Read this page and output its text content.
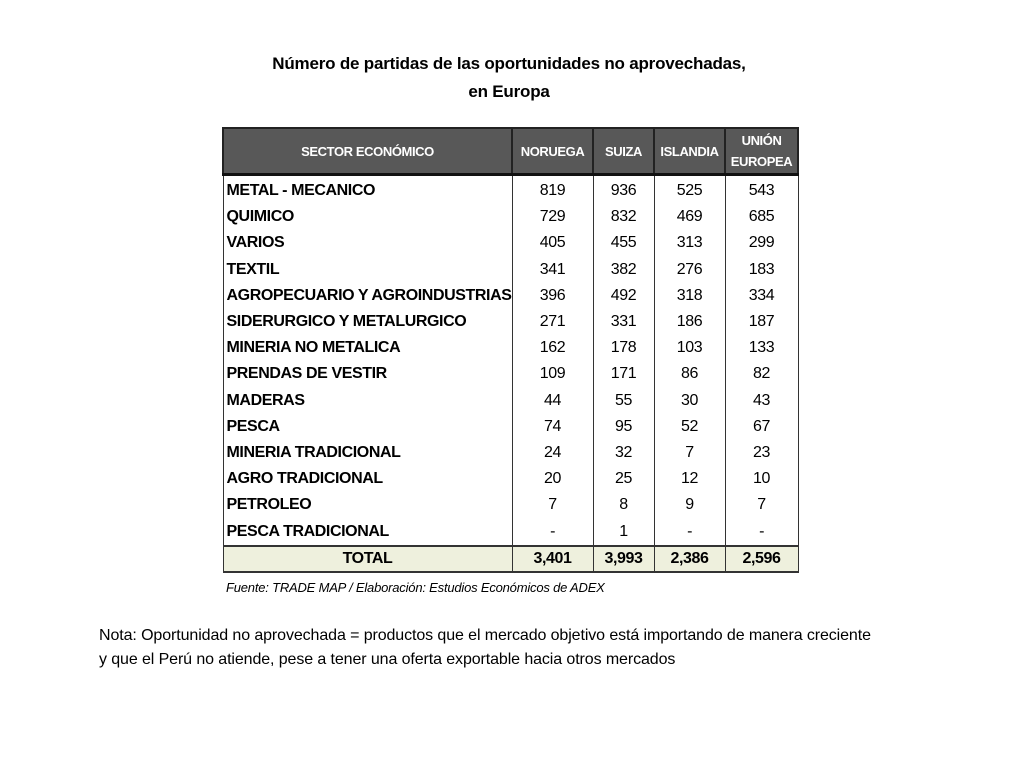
Número de partidas de las oportunidades no aprovechadas,
en Europa
SECTOR ECONÓMICO	NORUEGA	SUIZA	ISLANDIA	UNIÓN EUROPEA
METAL - MECANICO	819	936	525	543
QUIMICO	729	832	469	685
VARIOS	405	455	313	299
TEXTIL	341	382	276	183
AGROPECUARIO Y AGROINDUSTRIAS	396	492	318	334
SIDERURGICO Y METALURGICO	271	331	186	187
MINERIA NO METALICA	162	178	103	133
PRENDAS DE VESTIR	109	171	86	82
MADERAS	44	55	30	43
PESCA	74	95	52	67
MINERIA TRADICIONAL	24	32	7	23
AGRO TRADICIONAL	20	25	12	10
PETROLEO	7	8	9	7
PESCA TRADICIONAL	-	1	-	-
TOTAL	3,401	3,993	2,386	2,596
Fuente: TRADE MAP / Elaboración: Estudios Económicos de ADEX
Nota: Oportunidad no aprovechada = productos que el mercado objetivo está importando de manera creciente y que el Perú no atiende, pese a tener una oferta exportable hacia otros mercados
